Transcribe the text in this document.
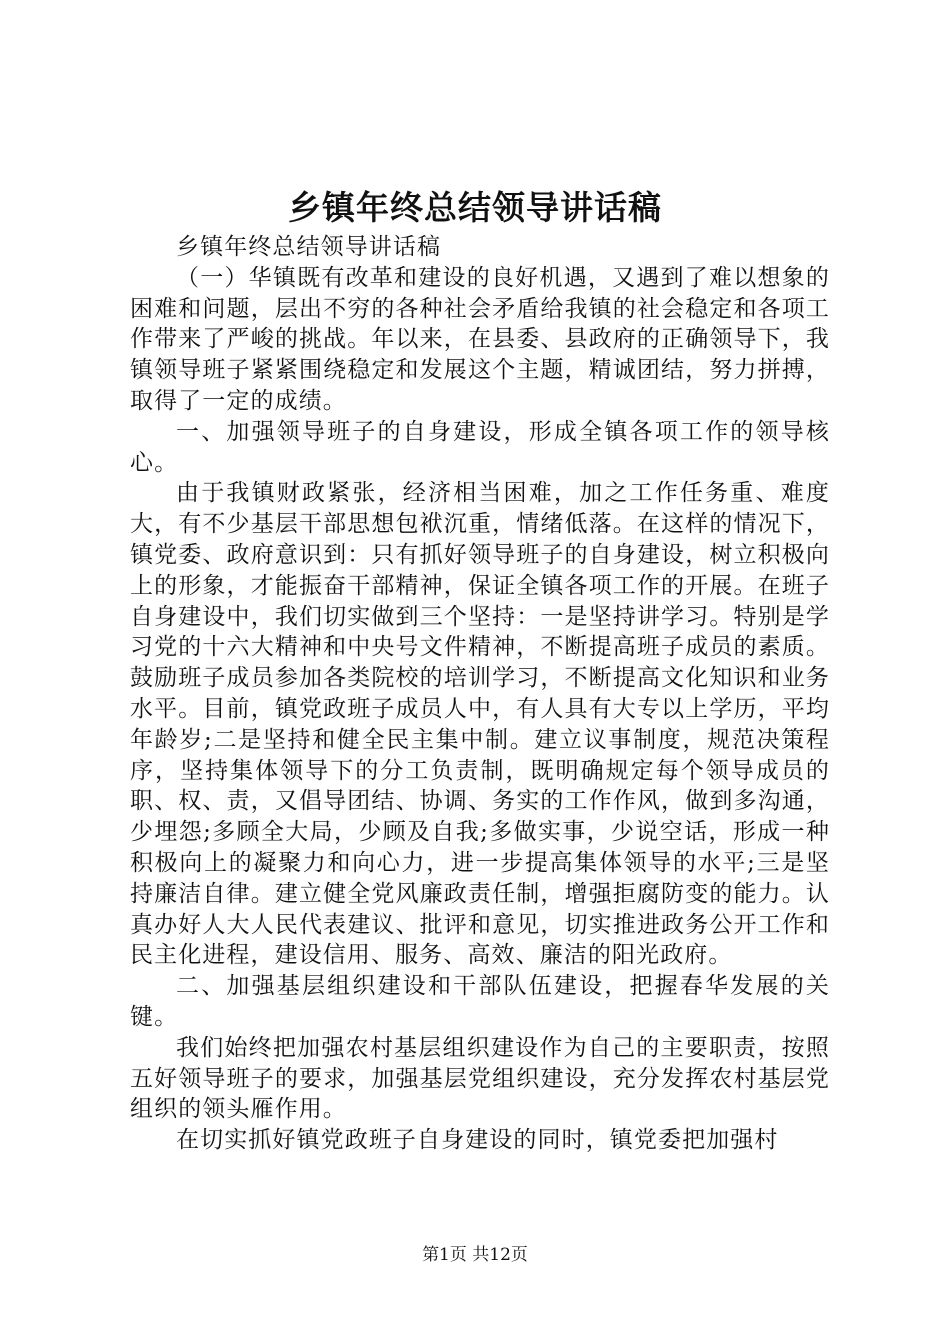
乡镇年终总结领导讲话稿

乡镇年终总结领导讲话稿

（一）华镇既有改革和建设的良好机遇，又遇到了难以想象的困难和问题，层出不穷的各种社会矛盾给我镇的社会稳定和各项工作带来了严峻的挑战。年以来，在县委、县政府的正确领导下，我镇领导班子紧紧围绕稳定和发展这个主题，精诚团结，努力拼搏，取得了一定的成绩。

一、加强领导班子的自身建设，形成全镇各项工作的领导核心。

由于我镇财政紧张，经济相当困难，加之工作任务重、难度大，有不少基层干部思想包袱沉重，情绪低落。在这样的情况下，镇党委、政府意识到：只有抓好领导班子的自身建设，树立积极向上的形象，才能振奋干部精神，保证全镇各项工作的开展。在班子自身建设中，我们切实做到三个坚持：一是坚持讲学习。特别是学习党的十六大精神和中央号文件精神，不断提高班子成员的素质。鼓励班子成员参加各类院校的培训学习，不断提高文化知识和业务水平。目前，镇党政班子成员人中，有人具有大专以上学历，平均年龄岁;二是坚持和健全民主集中制。建立议事制度，规范决策程序，坚持集体领导下的分工负责制，既明确规定每个领导成员的职、权、责，又倡导团结、协调、务实的工作作风，做到多沟通，少埋怨;多顾全大局，少顾及自我;多做实事，少说空话，形成一种积极向上的凝聚力和向心力，进一步提高集体领导的水平;三是坚持廉洁自律。建立健全党风廉政责任制，增强拒腐防变的能力。认真办好人大人民代表建议、批评和意见，切实推进政务公开工作和民主化进程，建设信用、服务、高效、廉洁的阳光政府。

二、加强基层组织建设和干部队伍建设，把握春华发展的关键。

我们始终把加强农村基层组织建设作为自己的主要职责，按照五好领导班子的要求，加强基层党组织建设，充分发挥农村基层党组织的领头雁作用。

在切实抓好镇党政班子自身建设的同时，镇党委把加强村

第1页 共12页
